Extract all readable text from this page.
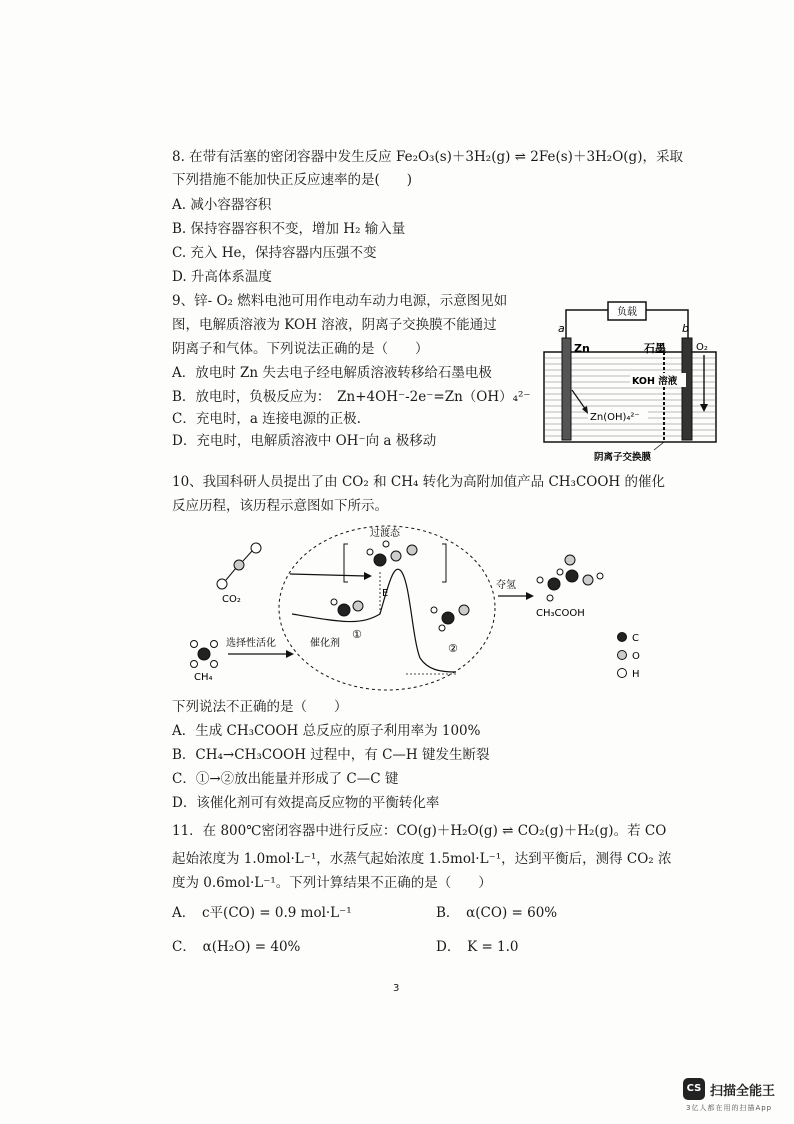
8. 在带有活塞的密闭容器中发生反应 Fe₂O₃(s)＋3H₂(g) ⇌ 2Fe(s)＋3H₂O(g)，采取
下列措施不能加快正反应速率的是(　　)
A. 减小容器容积
B. 保持容器容积不变，增加 H₂ 输入量
C. 充入 He，保持容器内压强不变
D. 升高体系温度
9、锌- O₂ 燃料电池可用作电动车动力电源，示意图见如
图，电解质溶液为 KOH 溶液，阴离子交换膜不能通过
阴离子和气体。下列说法正确的是（　　）
A．放电时 Zn 失去电子经电解质溶液转移给石墨电极
B．放电时，负极反应为：　Zn+4OH⁻-2e⁻=Zn（OH）₄²⁻
C．充电时，a 连接电源的正极.
D．充电时，电解质溶液中 OH⁻向 a 极移动
负载
a	b
Zn	石墨	O₂
KOH 溶液
Zn(OH)₄²⁻
阴离子交换膜
10、我国科研人员提出了由 CO₂ 和 CH₄ 转化为高附加值产品 CH₃COOH 的催化
反应历程，该历程示意图如下所示。
CO₂
CH₄
选择性活化
过渡态
E
①
催化剂	②
夺氢
CH₃COOH
C
O
H
下列说法不正确的是（　　）
A．生成 CH₃COOH 总反应的原子利用率为 100%
B．CH₄→CH₃COOH 过程中，有 C—H 键发生断裂
C．①→②放出能量并形成了 C—C 键
D．该催化剂可有效提高反应物的平衡转化率
11．在 800℃密闭容器中进行反应：CO(g)＋H₂O(g) ⇌ CO₂(g)＋H₂(g)。若 CO
起始浓度为 1.0mol·L⁻¹，水蒸气起始浓度 1.5mol·L⁻¹，达到平衡后，测得 CO₂ 浓
度为 0.6mol·L⁻¹。下列计算结果不正确的是（　　）
A．　c平(CO) = 0.9 mol·L⁻¹	B．　α(CO) = 60%
C．　α(H₂O) = 40%	D．　K = 1.0
3
CS 扫描全能王
3亿人都在用的扫描App
